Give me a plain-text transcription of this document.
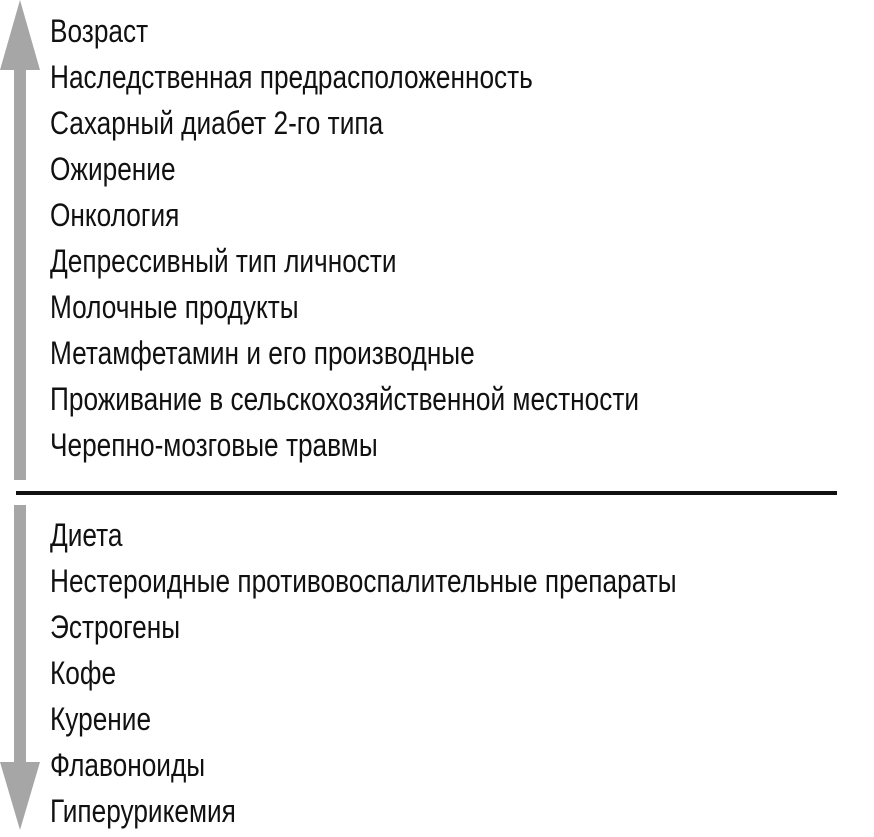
Возраст
Наследственная предрасположенность
Сахарный диабет 2-го типа
Ожирение
Онкология
Депрессивный тип личности
Молочные продукты
Метамфетамин и его производные
Проживание в сельскохозяйственной местности
Черепно-мозговые травмы
Диета
Нестероидные противовоспалительные препараты
Эстрогены
Кофе
Курение
Флавоноиды
Гиперурикемия
